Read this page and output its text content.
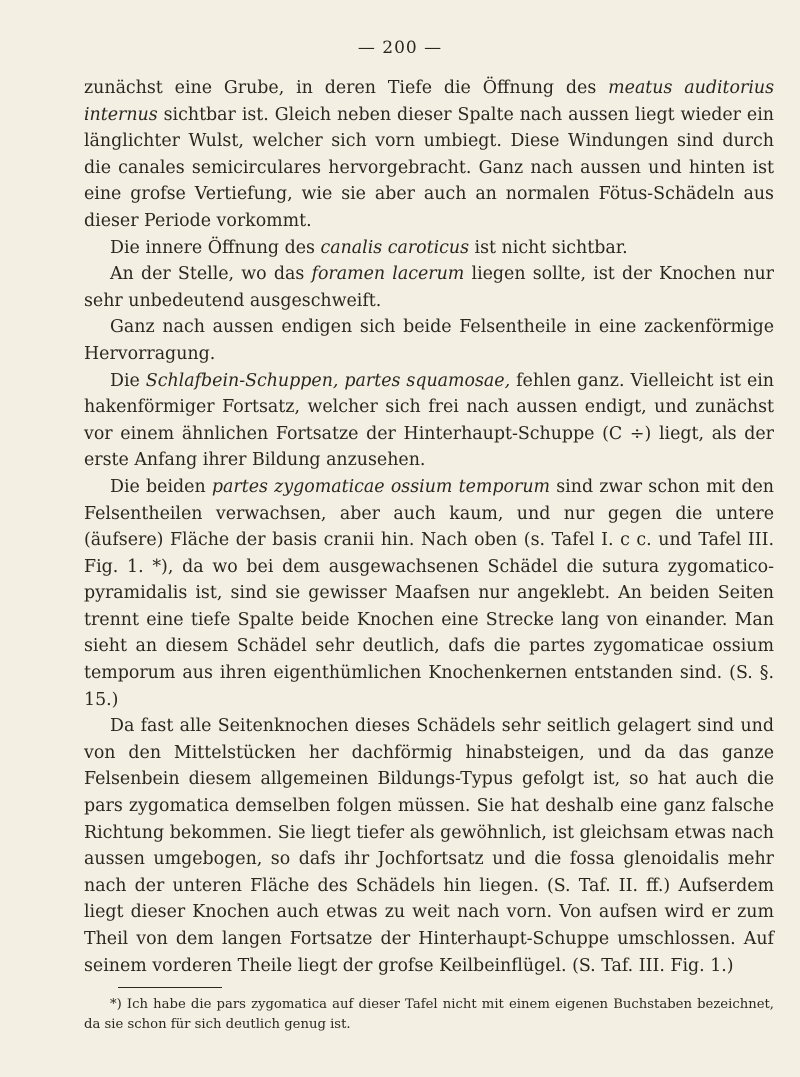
— 200 —

zunächst eine Grube, in deren Tiefe die Öffnung des meatus auditorius internus sichtbar ist. Gleich neben dieser Spalte nach aussen liegt wieder ein länglichter Wulst, welcher sich vorn umbiegt. Diese Windungen sind durch die canales semicirculares hervorgebracht. Ganz nach aussen und hinten ist eine grofse Vertiefung, wie sie aber auch an normalen Fötus-Schädeln aus dieser Periode vorkommt.

Die innere Öffnung des canalis caroticus ist nicht sichtbar.

An der Stelle, wo das foramen lacerum liegen sollte, ist der Knochen nur sehr unbedeutend ausgeschweift.

Ganz nach aussen endigen sich beide Felsentheile in eine zackenförmige Hervorragung.

Die Schlafbein-Schuppen, partes squamosae, fehlen ganz. Vielleicht ist ein hakenförmiger Fortsatz, welcher sich frei nach aussen endigt, und zunächst vor einem ähnlichen Fortsatze der Hinterhaupt-Schuppe (C ÷) liegt, als der erste Anfang ihrer Bildung anzusehen.

Die beiden partes zygomaticae ossium temporum sind zwar schon mit den Felsentheilen verwachsen, aber auch kaum, und nur gegen die untere (äufsere) Fläche der basis cranii hin. Nach oben (s. Tafel I. c c. und Tafel III. Fig. 1. *), da wo bei dem ausgewachsenen Schädel die sutura zygomatico-pyramidalis ist, sind sie gewisser Maafsen nur angeklebt. An beiden Seiten trennt eine tiefe Spalte beide Knochen eine Strecke lang von einander. Man sieht an diesem Schädel sehr deutlich, dafs die partes zygomaticae ossium temporum aus ihren eigenthümlichen Knochenkernen entstanden sind. (S. §. 15.)

Da fast alle Seitenknochen dieses Schädels sehr seitlich gelagert sind und von den Mittelstücken her dachförmig hinabsteigen, und da das ganze Felsenbein diesem allgemeinen Bildungs-Typus gefolgt ist, so hat auch die pars zygomatica demselben folgen müssen. Sie hat deshalb eine ganz falsche Richtung bekommen. Sie liegt tiefer als gewöhnlich, ist gleichsam etwas nach aussen umgebogen, so dafs ihr Jochfortsatz und die fossa glenoidalis mehr nach der unteren Fläche des Schädels hin liegen. (S. Taf. II. ff.) Aufserdem liegt dieser Knochen auch etwas zu weit nach vorn. Von aufsen wird er zum Theil von dem langen Fortsatze der Hinterhaupt-Schuppe umschlossen. Auf seinem vorderen Theile liegt der grofse Keilbeinflügel. (S. Taf. III. Fig. 1.)

*) Ich habe die pars zygomatica auf dieser Tafel nicht mit einem eigenen Buchstaben bezeichnet, da sie schon für sich deutlich genug ist.
